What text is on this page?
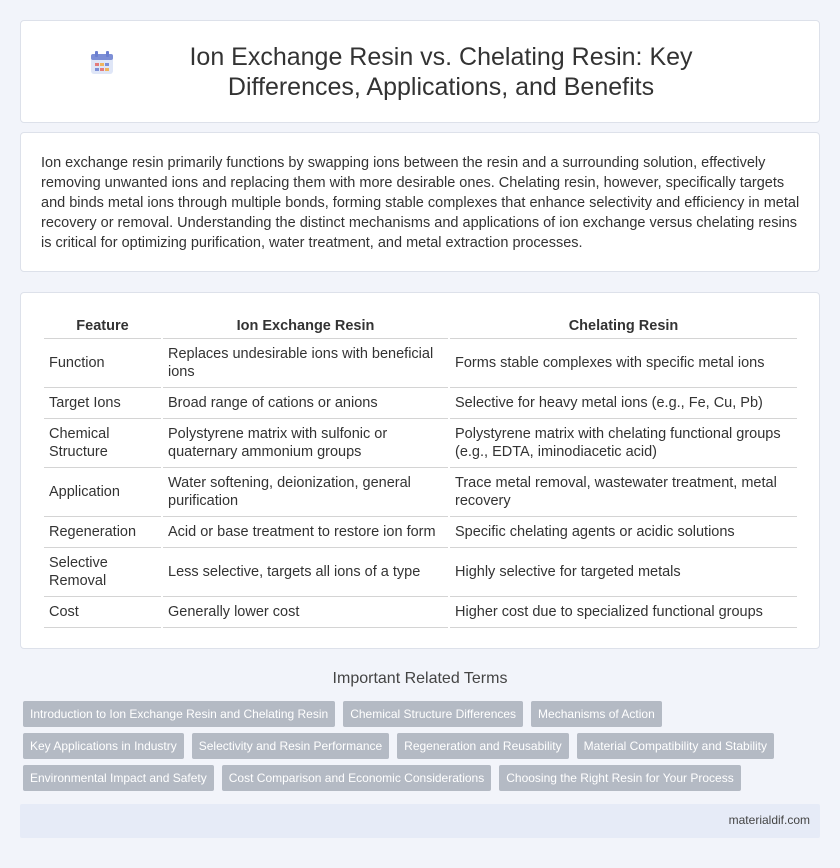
Ion Exchange Resin vs. Chelating Resin: Key Differences, Applications, and Benefits

Ion exchange resin primarily functions by swapping ions between the resin and a surrounding solution, effectively removing unwanted ions and replacing them with more desirable ones. Chelating resin, however, specifically targets and binds metal ions through multiple bonds, forming stable complexes that enhance selectivity and efficiency in metal recovery or removal. Understanding the distinct mechanisms and applications of ion exchange versus chelating resins is critical for optimizing purification, water treatment, and metal extraction processes.

Feature	Ion Exchange Resin	Chelating Resin
Function	Replaces undesirable ions with beneficial ions	Forms stable complexes with specific metal ions
Target Ions	Broad range of cations or anions	Selective for heavy metal ions (e.g., Fe, Cu, Pb)
Chemical Structure	Polystyrene matrix with sulfonic or quaternary ammonium groups	Polystyrene matrix with chelating functional groups (e.g., EDTA, iminodiacetic acid)
Application	Water softening, deionization, general purification	Trace metal removal, wastewater treatment, metal recovery
Regeneration	Acid or base treatment to restore ion form	Specific chelating agents or acidic solutions
Selective Removal	Less selective, targets all ions of a type	Highly selective for targeted metals
Cost	Generally lower cost	Higher cost due to specialized functional groups
Important Related Terms
Introduction to Ion Exchange Resin and Chelating Resin	Chemical Structure Differences	Mechanisms of Action
Key Applications in Industry	Selectivity and Resin Performance	Regeneration and Reusability	Material Compatibility and Stability
Environmental Impact and Safety	Cost Comparison and Economic Considerations	Choosing the Right Resin for Your Process
materialdif.com
